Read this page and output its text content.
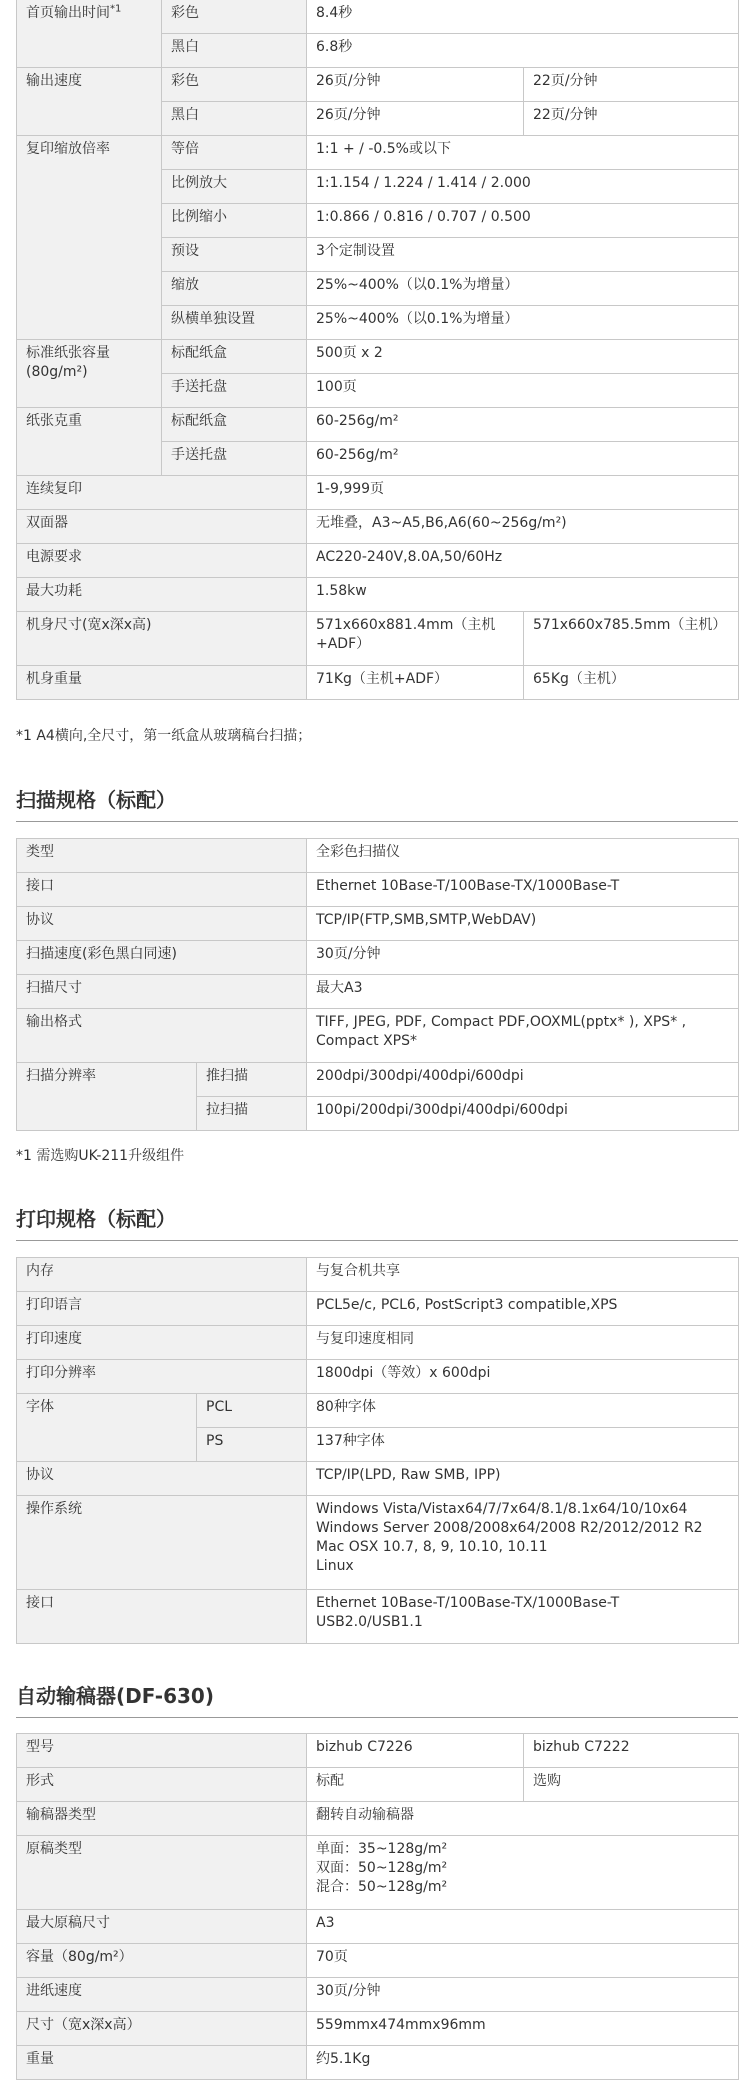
首页输出时间$^{*1}$	彩色	8.4秒	
	黑白	6.8秒	
输出速度	彩色	26页/分钟	22页/分钟
	黑白	26页/分钟	22页/分钟
复印缩放倍率	等倍	1:1 + / -0.5%或以下	
	比例放大	1:1.154 / 1.224 / 1.414 / 2.000	
	比例缩小	1:0.866 / 0.816 / 0.707 / 0.500	
	预设	3个定制设置	
	缩放	25%~400%（以0.1%为增量）	
	纵横单独设置	25%~400%（以0.1%为增量）	
标准纸张容量(80g/m²)	标配纸盒	500页 x 2	
	手送托盘	100页	
纸张克重	标配纸盒	60-256g/m²	
	手送托盘	60-256g/m²	
连续复印		1-9,999页	
双面器		无堆叠，A3~A5,B6,A6(60~256g/m²)	
电源要求		AC220-240V,8.0A,50/60Hz	
最大功耗		1.58kw	
机身尺寸(宽x深x高)		571x660x881.4mm（主机+ADF）	571x660x785.5mm（主机）
机身重量		71Kg（主机+ADF）	65Kg（主机）
*1 A4横向,全尺寸，第一纸盒从玻璃稿台扫描；
扫描规格（标配）
类型		全彩色扫描仪
接口		Ethernet 10Base-T/100Base-TX/1000Base-T
协议		TCP/IP(FTP,SMB,SMTP,WebDAV)
扫描速度(彩色黑白同速)		30页/分钟
扫描尺寸		最大A3
输出格式		TIFF, JPEG, PDF, Compact PDF,OOXML(pptx* ), XPS* , Compact XPS*
扫描分辨率	推扫描	200dpi/300dpi/400dpi/600dpi
	拉扫描	100pi/200dpi/300dpi/400dpi/600dpi
*1 需选购UK-211升级组件
打印规格（标配）
内存		与复合机共享
打印语言		PCL5e/c, PCL6, PostScript3 compatible,XPS
打印速度		与复印速度相同
打印分辨率		1800dpi（等效）x 600dpi
字体	PCL	80种字体
	PS	137种字体
协议		TCP/IP(LPD, Raw SMB, IPP)
操作系统		Windows Vista/Vistax64/7/7x64/8.1/8.1x64/10/10x64
Windows Server 2008/2008x64/2008 R2/2012/2012 R2
Mac OSX 10.7, 8, 9, 10.10, 10.11
Linux
接口		Ethernet 10Base-T/100Base-TX/1000Base-T
USB2.0/USB1.1
自动输稿器(DF-630)
型号	bizhub C7226	bizhub C7222
形式	标配	选购
输稿器类型	翻转自动输稿器	
原稿类型	单面：35~128g/m²
双面：50~128g/m²
混合：50~128g/m²	
最大原稿尺寸	A3	
容量（80g/m²）	70页	
进纸速度	30页/分钟	
尺寸（宽x深x高）	559mmx474mmx96mm	
重量	约5.1Kg	
